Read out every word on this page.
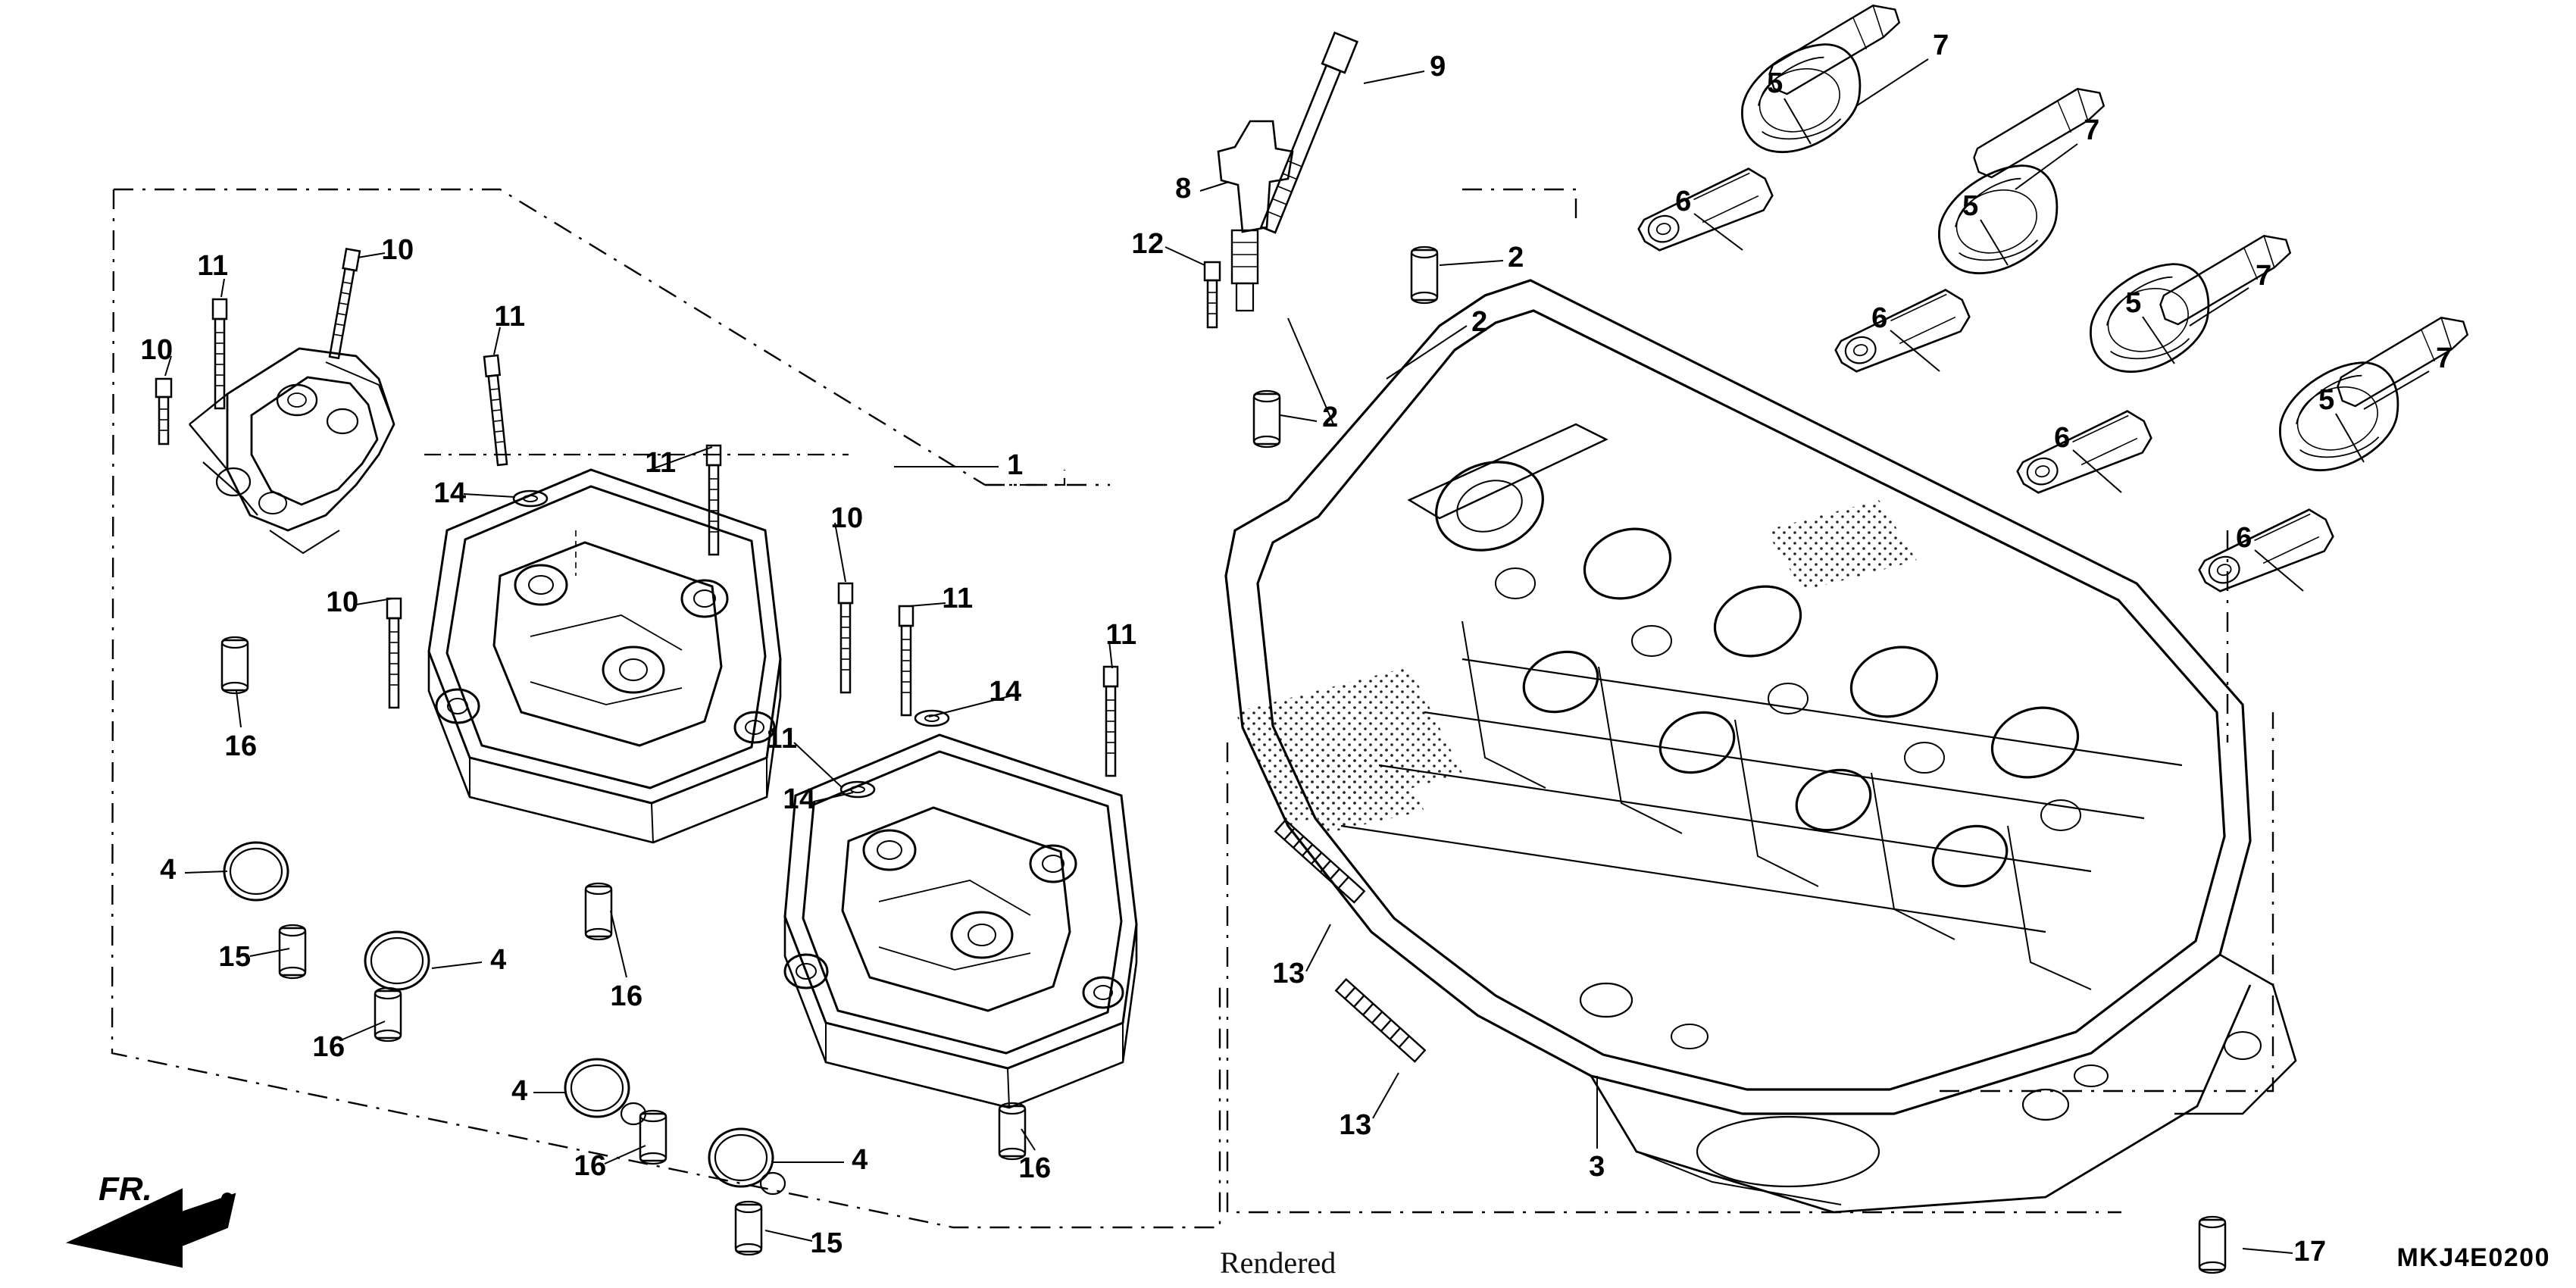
FR.
Rendered	MKJ4E0200
9
8
12	2
2
2
7
5
7
6	5
7
6	5
7
5
6
6
1
11	10
10
11
11
14
10
10	11
11
14
11
14
16
4
15	4
16
16
4
16	4
15
16
13
13
3
17
